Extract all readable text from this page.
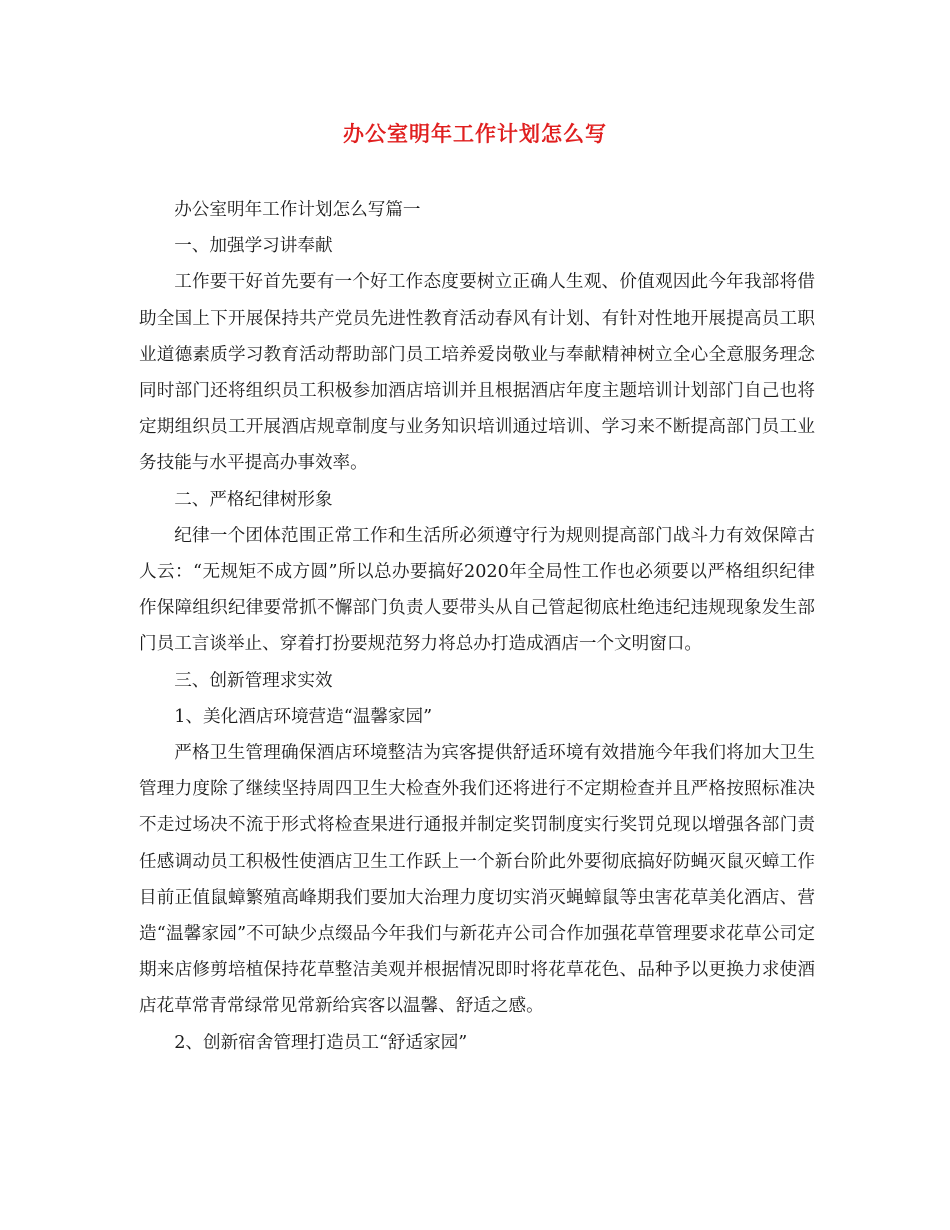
办公室明年工作计划怎么写

办公室明年工作计划怎么写篇一

一、加强学习讲奉献

工作要干好首先要有一个好工作态度要树立正确人生观、价值观因此今年我部将借助全国上下开展保持共产党员先进性教育活动春风有计划、有针对性地开展提高员工职业道德素质学习教育活动帮助部门员工培养爱岗敬业与奉献精神树立全心全意服务理念同时部门还将组织员工积极参加酒店培训并且根据酒店年度主题培训计划部门自己也将定期组织员工开展酒店规章制度与业务知识培训通过培训、学习来不断提高部门员工业务技能与水平提高办事效率。

二、严格纪律树形象

纪律一个团体范围正常工作和生活所必须遵守行为规则提高部门战斗力有效保障古人云：“无规矩不成方圆”所以总办要搞好2020年全局性工作也必须要以严格组织纪律作保障组织纪律要常抓不懈部门负责人要带头从自己管起彻底杜绝违纪违规现象发生部门员工言谈举止、穿着打扮要规范努力将总办打造成酒店一个文明窗口。

三、创新管理求实效

1、美化酒店环境营造“温馨家园”

严格卫生管理确保酒店环境整洁为宾客提供舒适环境有效措施今年我们将加大卫生管理力度除了继续坚持周四卫生大检查外我们还将进行不定期检查并且严格按照标准决不走过场决不流于形式将检查果进行通报并制定奖罚制度实行奖罚兑现以增强各部门责任感调动员工积极性使酒店卫生工作跃上一个新台阶此外要彻底搞好防蝇灭鼠灭蟑工作目前正值鼠蟑繁殖高峰期我们要加大治理力度切实消灭蝇蟑鼠等虫害花草美化酒店、营造“温馨家园”不可缺少点缀品今年我们与新花卉公司合作加强花草管理要求花草公司定期来店修剪培植保持花草整洁美观并根据情况即时将花草花色、品种予以更换力求使酒店花草常青常绿常见常新给宾客以温馨、舒适之感。

2、创新宿舍管理打造员工“舒适家园”
